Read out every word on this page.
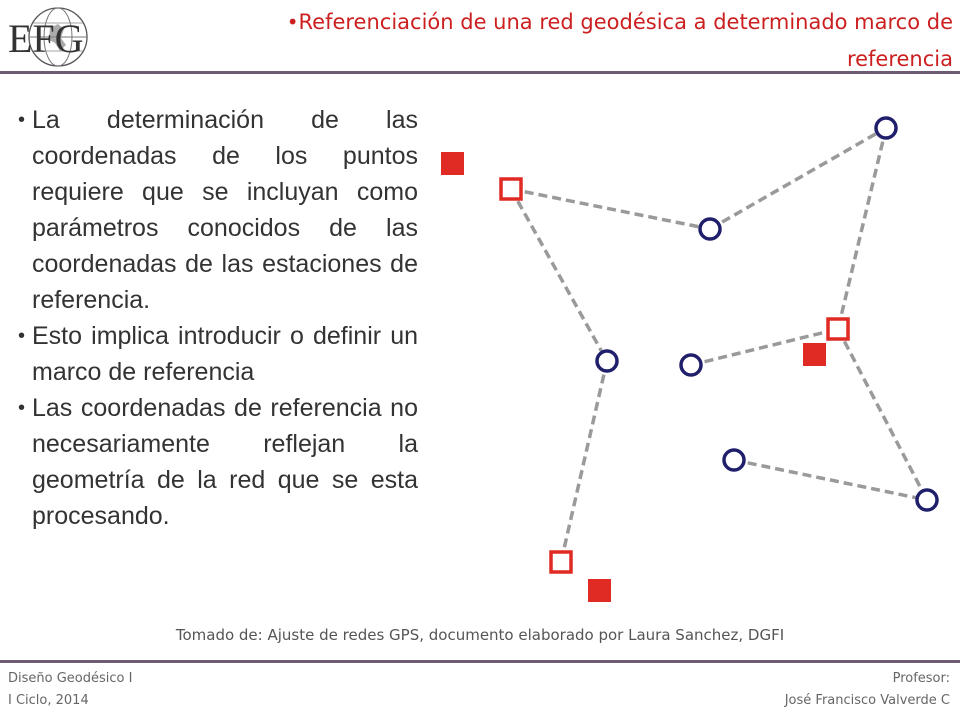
EFG	•Referenciación de una red geodésica a determinado marco de referencia
• La determinación de las coordenadas de los puntos requiere que se incluyan como parámetros conocidos de las coordenadas de las estaciones de referencia.
• Esto implica introducir o definir un marco de referencia
• Las coordenadas de referencia no necesariamente reflejan la geometría de la red que se esta procesando.
Tomado de: Ajuste de redes GPS, documento elaborado por Laura Sanchez, DGFI
Diseño Geodésico I
I Ciclo, 2014
Profesor:
José Francisco Valverde C
